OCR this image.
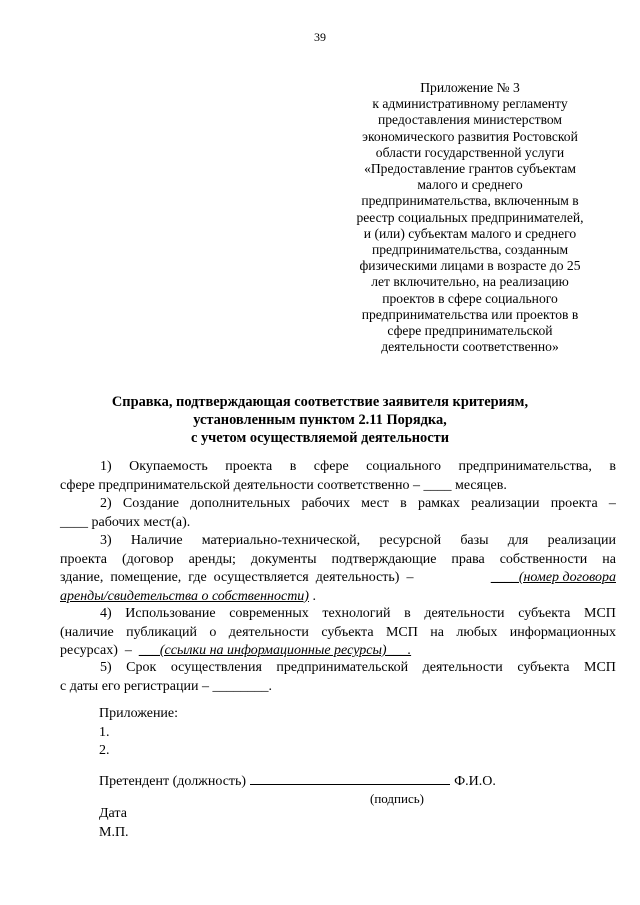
39
Приложение № 3
к административному регламенту
предоставления министерством
экономического развития Ростовской
области государственной услуги
«Предоставление грантов субъектам
малого и среднего
предпринимательства, включенным в
реестр социальных предпринимателей,
и (или) субъектам малого и среднего
предпринимательства, созданным
физическими лицами в возрасте до 25
лет включительно, на реализацию
проектов в сфере социального
предпринимательства или проектов в
сфере предпринимательской
деятельности соответственно»
Справка, подтверждающая соответствие заявителя критериям,
установленным пунктом 2.11 Порядка,
с учетом осуществляемой деятельности
1) Окупаемость проекта в сфере социального предпринимательства, в
сфере предпринимательской деятельности соответственно – ____ месяцев.
2) Создание дополнительных рабочих мест в рамках реализации проекта –
____ рабочих мест(а).
3) Наличие материально-технической, ресурсной базы для реализации
проекта (договор аренды; документы подтверждающие права собственности на
здание,  помещение,  где  осуществляется  деятельность)  –	____(номер договора
аренды/свидетельства о собственности) .
4) Использование современных технологий в деятельности субъекта МСП
(наличие публикаций о деятельности субъекта МСП на любых информационных
ресурсах)  –
___(ссылки на информационные ресурсы)___.
5) Срок осуществления предпринимательской деятельности субъекта МСП
с даты его регистрации – ________.
Приложение:
1.
2.
Претендент (должность)	Ф.И.О.
(подпись)
Дата
М.П.
